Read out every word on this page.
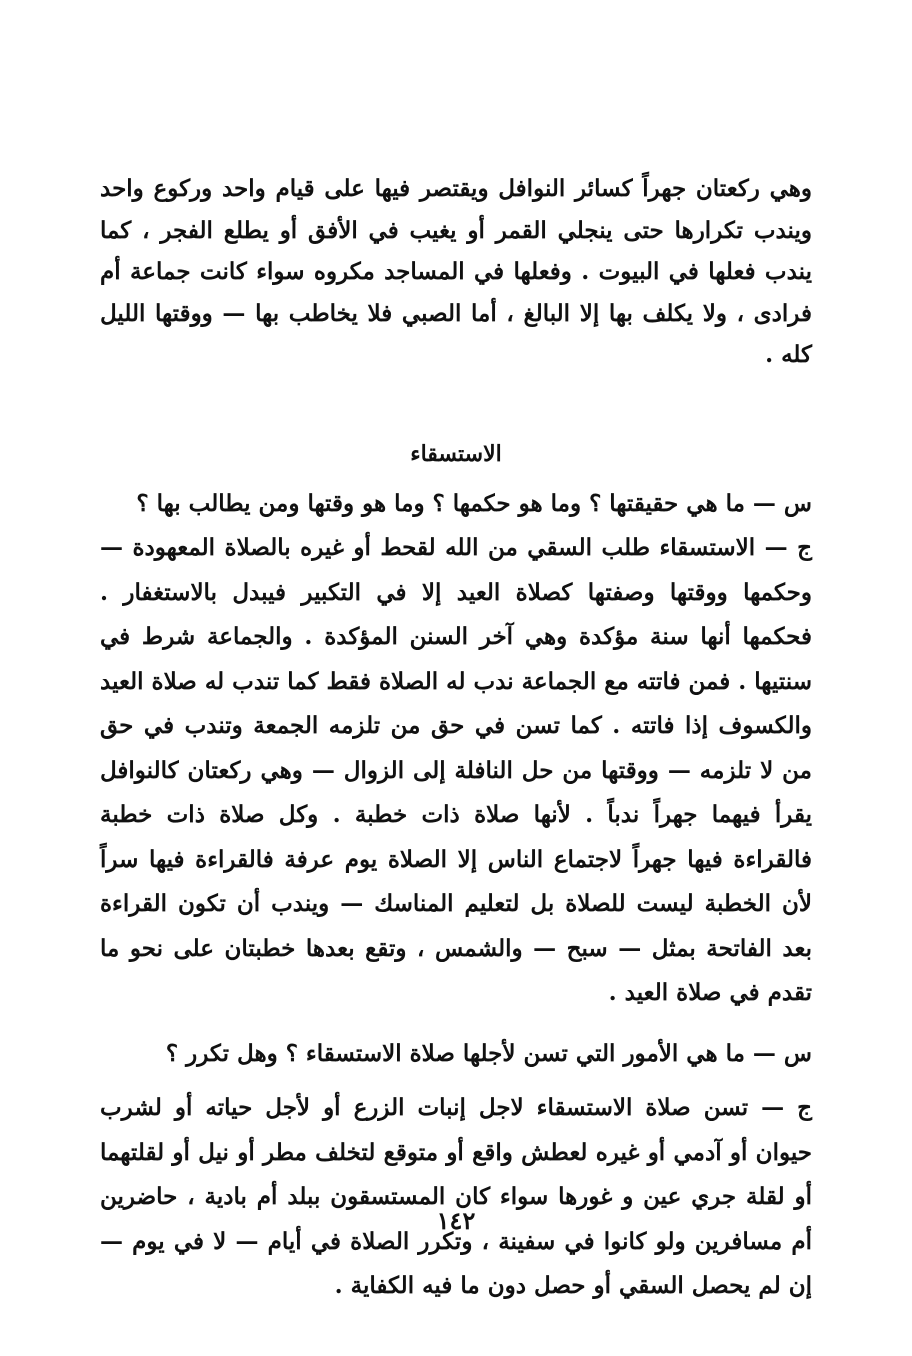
وهي ركعتان جهراً كسائر النوافل ويقتصر فيها على قيام واحد وركوع واحد ويندب تكرارها حتى ينجلي القمر أو يغيب في الأفق أو يطلع الفجر ، كما يندب فعلها في البيوت . وفعلها في المساجد مكروه سواء كانت جماعة أم فرادى ، ولا يكلف بها إلا البالغ ، أما الصبي فلا يخاطب بها — ووقتها الليل كله .

الاستسقاء

س — ما هي حقيقتها ؟ وما هو حكمها ؟ وما هو وقتها ومن يطالب بها ؟

ج — الاستسقاء طلب السقي من الله لقحط أو غيره بالصلاة المعهودة — وحكمها ووقتها وصفتها كصلاة العيد إلا في التكبير فيبدل بالاستغفار . فحكمها أنها سنة مؤكدة وهي آخر السنن المؤكدة . والجماعة شرط في سنتيها . فمن فاتته مع الجماعة ندب له الصلاة فقط كما تندب له صلاة العيد والكسوف إذا فاتته . كما تسن في حق من تلزمه الجمعة وتندب في حق من لا تلزمه — ووقتها من حل النافلة إلى الزوال — وهي ركعتان كالنوافل يقرأ فيهما جهراً ندباً . لأنها صلاة ذات خطبة . وكل صلاة ذات خطبة فالقراءة فيها جهراً لاجتماع الناس إلا الصلاة يوم عرفة فالقراءة فيها سراً لأن الخطبة ليست للصلاة بل لتعليم المناسك — ويندب أن تكون القراءة بعد الفاتحة بمثل — سبح — والشمس ، وتقع بعدها خطبتان على نحو ما تقدم في صلاة العيد .

س — ما هي الأمور التي تسن لأجلها صلاة الاستسقاء ؟ وهل تكرر ؟

ج — تسن صلاة الاستسقاء لاجل إنبات الزرع أو لأجل حياته أو لشرب حيوان أو آدمي أو غيره لعطش واقع أو متوقع لتخلف مطر أو نيل أو لقلتهما أو لقلة جري عين و غورها سواء كان المستسقون ببلد أم بادية ، حاضرين أم مسافرين ولو كانوا في سفينة ، وتكرر الصلاة في أيام — لا في يوم — إن لم يحصل السقي أو حصل دون ما فيه الكفاية .

١٤٢
